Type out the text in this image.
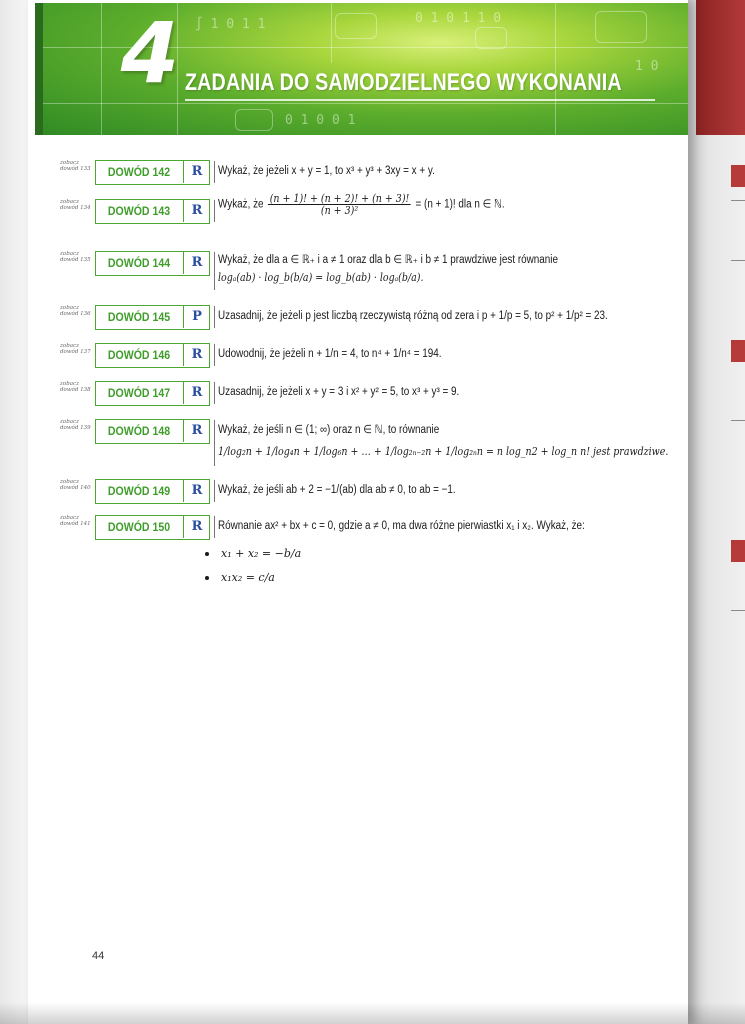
∫ 1 0 1 1	0 1 0 1 1 0
1 0
0 1 0 0 1
4 ZADANIA DO SAMODZIELNEGO WYKONANIA
zobacz dowód 133	DOWÓD 142	R	Wykaż, że jeżeli x + y = 1, to x³ + y³ + 3xy = x + y.
zobacz dowód 134	DOWÓD 143	R	Wykaż, że $\frac{(n + 1)! + (n + 2)! + (n + 3)!}{\text{(n + 3)²}} = (n + 1)$! dla n ∈ ℕ.
zobacz dowód 135	DOWÓD 144	R	Wykaż, że dla a ∈ ℝ₊ i a ≠ 1 oraz dla b ∈ ℝ₊ i b ≠ 1 prawdziwe jest równanie
logₐ(ab) · log_b(b/a) = log_b(ab) · logₐ(b/a).
zobacz dowód 136	DOWÓD 145	P	Uzasadnij, że jeżeli p jest liczbą rzeczywistą różną od zera i p + 1/p = 5, to p² + 1/p² = 23.
zobacz dowód 137	DOWÓD 146	R	Udowodnij, że jeżeli n + 1/n = 4, to n⁴ + 1/n⁴ = 194.
zobacz dowód 138	DOWÓD 147	R	Uzasadnij, że jeżeli x + y = 3 i x² + y² = 5, to x³ + y³ = 9.
zobacz dowód 139	DOWÓD 148	R	Wykaż, że jeśli n ∈ (1; ∞) oraz n ∈ ℕ, to równanie
1/log₂n + 1/log₄n + 1/log₆n + … + 1/log₂ₙ₋₂n + 1/log₂ₙn = n log_n2 + log_n n! jest prawdziwe.
zobacz dowód 140	DOWÓD 149	R	Wykaż, że jeśli ab + 2 = −1/(ab) dla ab ≠ 0, to ab = −1.
zobacz dowód 141	DOWÓD 150	R	Równanie ax² + bx + c = 0, gdzie a ≠ 0, ma dwa różne pierwiastki x₁ i x₂. Wykaż, że:
x₁ + x₂ = −b/a
x₁x₂ = c/a
44
